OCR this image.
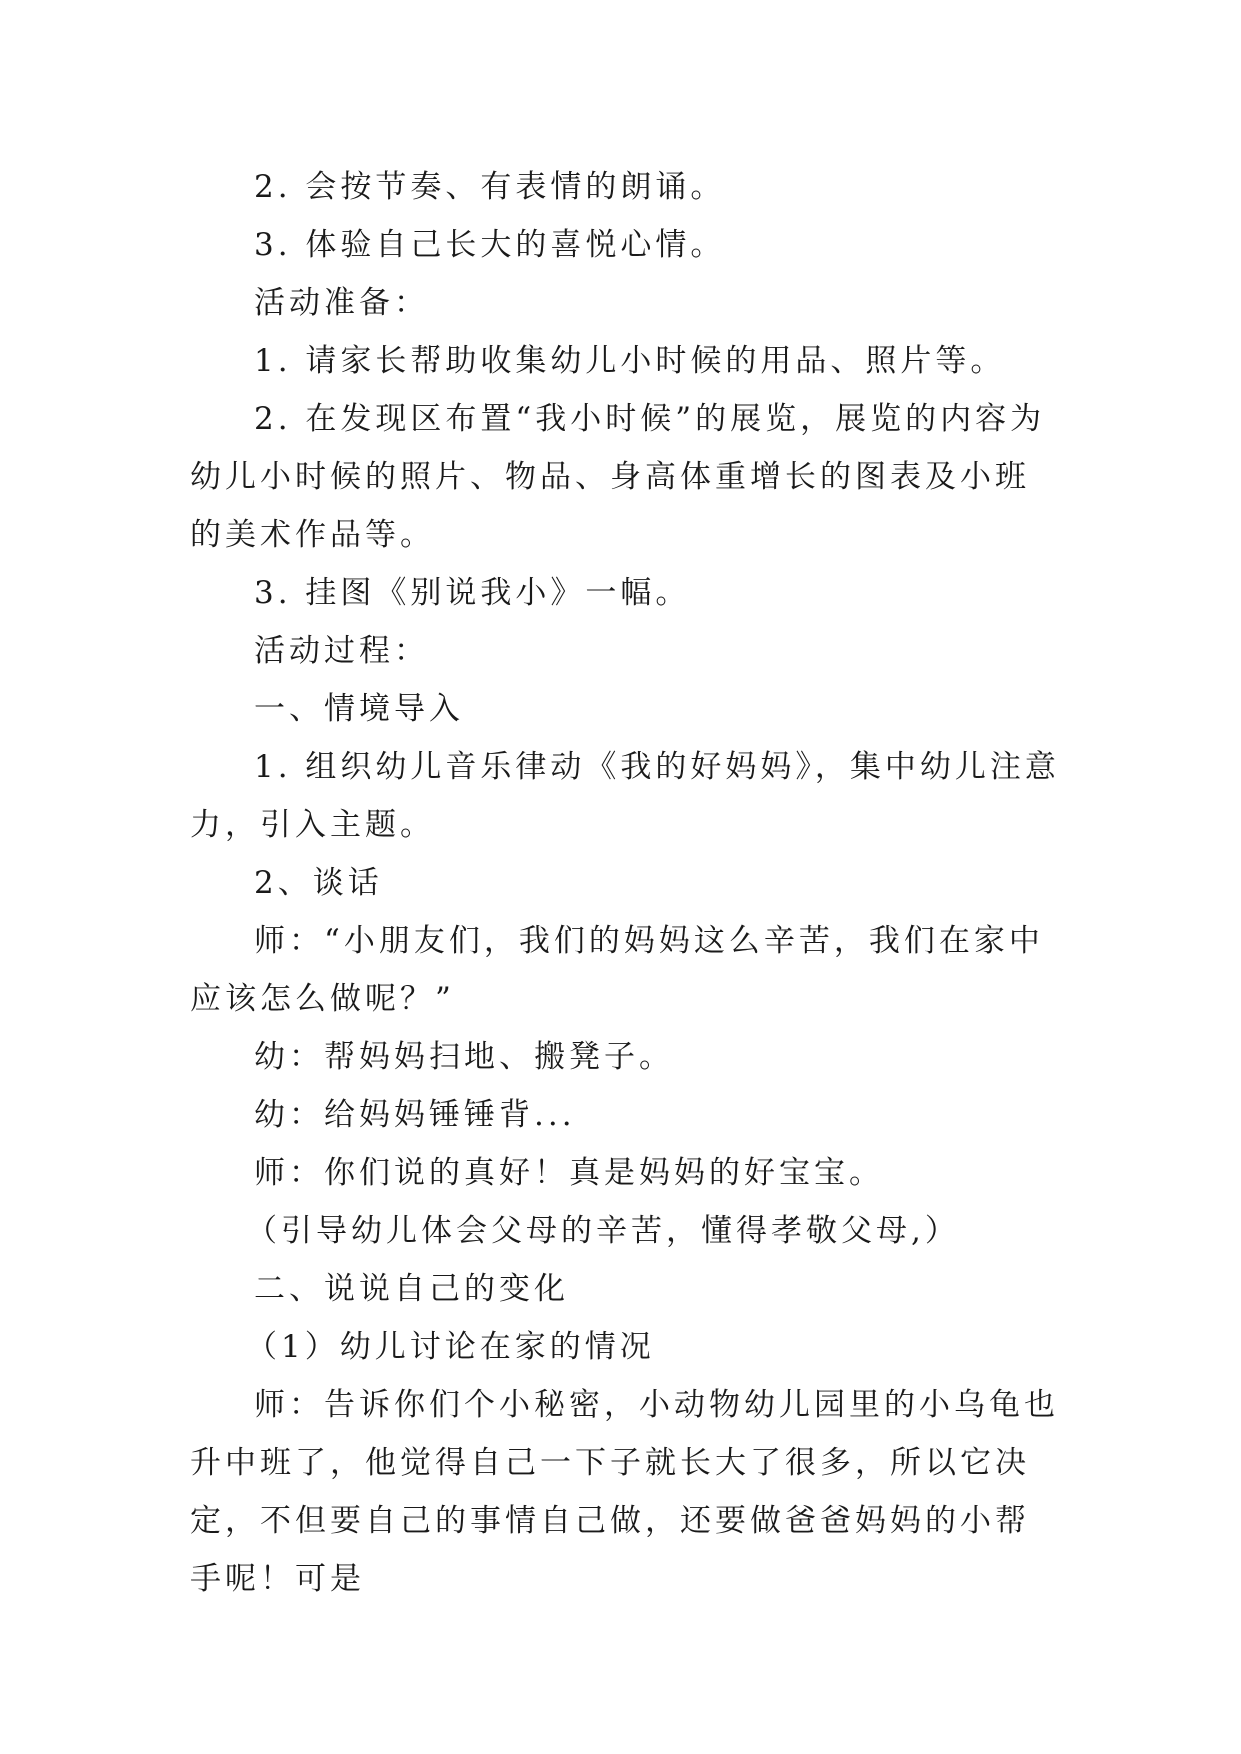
2. 会按节奏、有表情的朗诵。

3. 体验自己长大的喜悦心情。

活动准备：

1. 请家长帮助收集幼儿小时候的用品、照片等。

2. 在发现区布置“我小时候”的展览，展览的内容为幼儿小时候的照片、物品、身高体重增长的图表及小班的美术作品等。

3. 挂图《别说我小》一幅。

活动过程：

一、情境导入

1. 组织幼儿音乐律动《我的好妈妈》，集中幼儿注意力，引入主题。

2、谈话

师：“小朋友们，我们的妈妈这么辛苦，我们在家中应该怎么做呢？”

幼：帮妈妈扫地、搬凳子。

幼：给妈妈锤锤背...

师：你们说的真好！真是妈妈的好宝宝。

（引导幼儿体会父母的辛苦，懂得孝敬父母,）

二、说说自己的变化

（1）幼儿讨论在家的情况

师：告诉你们个小秘密，小动物幼儿园里的小乌龟也升中班了，他觉得自己一下子就长大了很多，所以它决定，不但要自己的事情自己做，还要做爸爸妈妈的小帮手呢！可是
